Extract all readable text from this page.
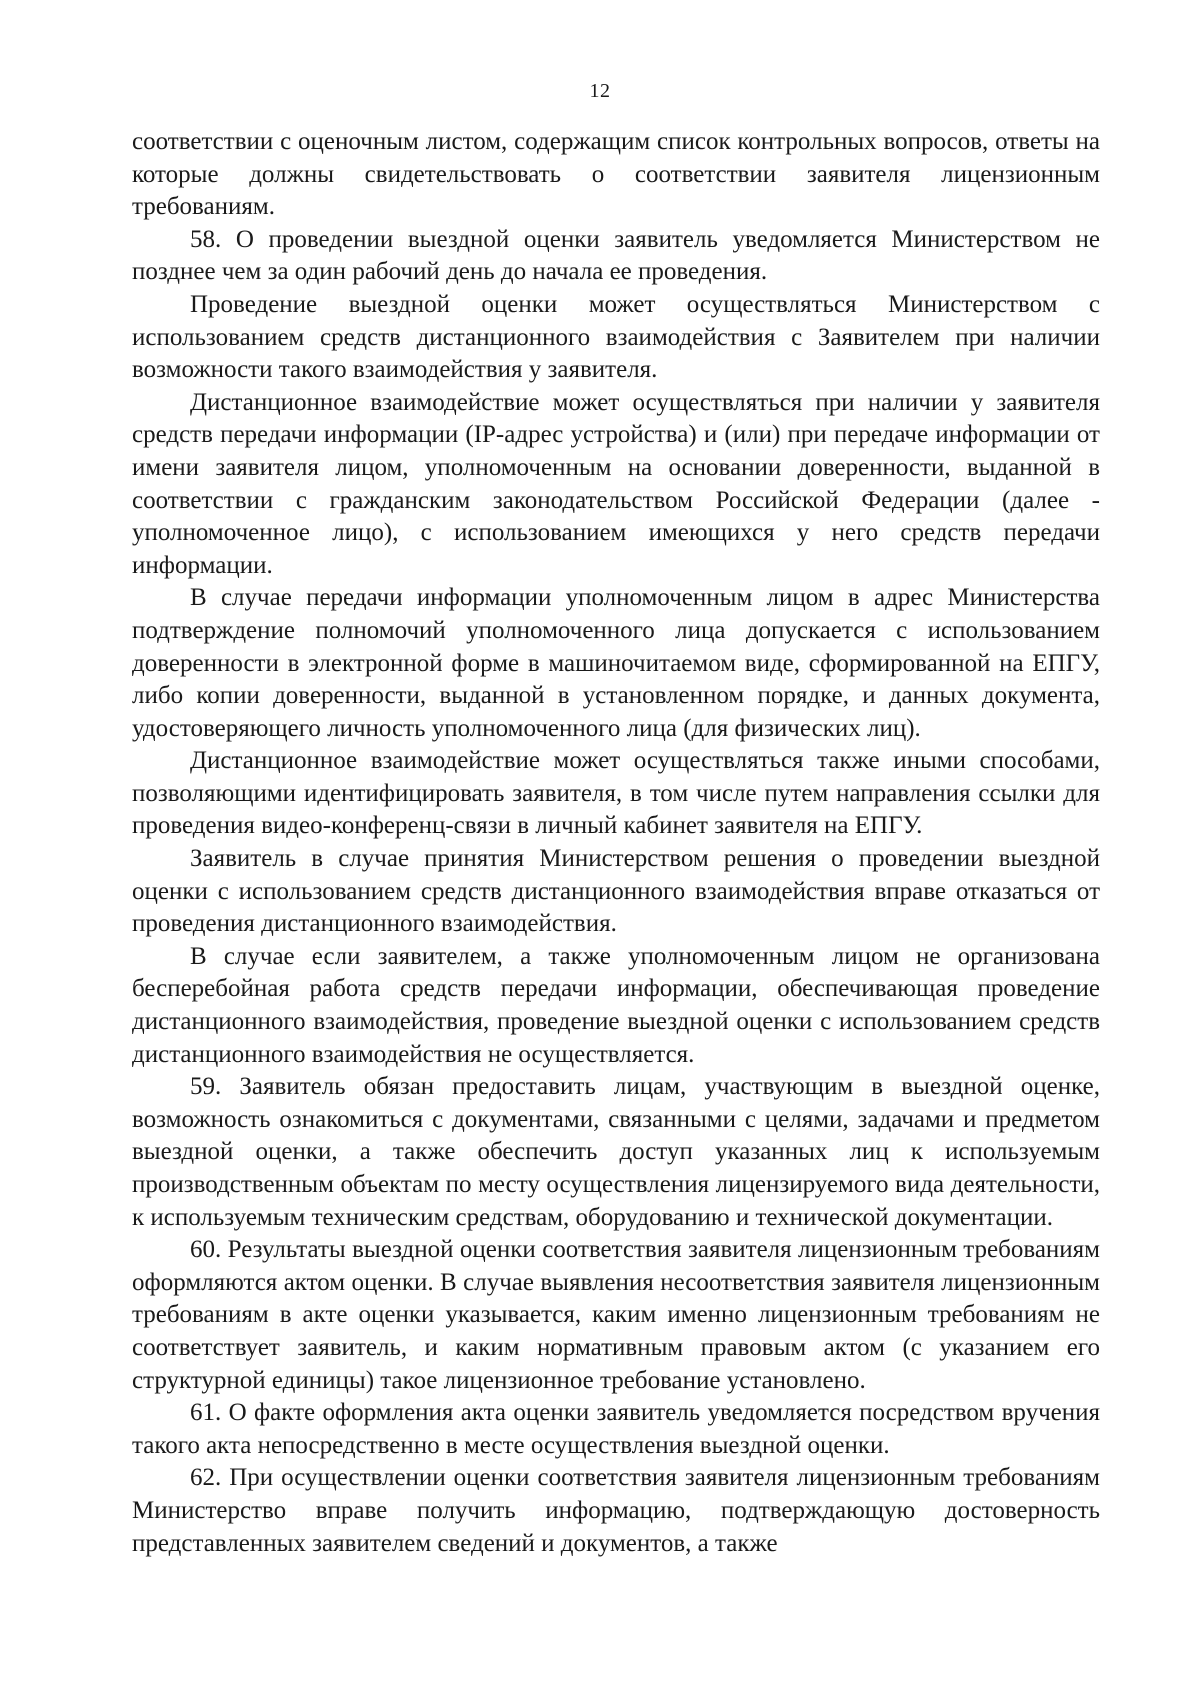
12

соответствии с оценочным листом, содержащим список контрольных вопросов, ответы на которые должны свидетельствовать о соответствии заявителя лицензионным требованиям.

58. О проведении выездной оценки заявитель уведомляется Министерством не позднее чем за один рабочий день до начала ее проведения.

Проведение выездной оценки может осуществляться Министерством с использованием средств дистанционного взаимодействия с Заявителем при наличии возможности такого взаимодействия у заявителя.

Дистанционное взаимодействие может осуществляться при наличии у заявителя средств передачи информации (IP-адрес устройства) и (или) при передаче информации от имени заявителя лицом, уполномоченным на основании доверенности, выданной в соответствии с гражданским законодательством Российской Федерации (далее - уполномоченное лицо), с использованием имеющихся у него средств передачи информации.

В случае передачи информации уполномоченным лицом в адрес Министерства подтверждение полномочий уполномоченного лица допускается с использованием доверенности в электронной форме в машиночитаемом виде, сформированной на ЕПГУ, либо копии доверенности, выданной в установленном порядке, и данных документа, удостоверяющего личность уполномоченного лица (для физических лиц).

Дистанционное взаимодействие может осуществляться также иными способами, позволяющими идентифицировать заявителя, в том числе путем направления ссылки для проведения видео-конференц-связи в личный кабинет заявителя на ЕПГУ.

Заявитель в случае принятия Министерством решения о проведении выездной оценки с использованием средств дистанционного взаимодействия вправе отказаться от проведения дистанционного взаимодействия.

В случае если заявителем, а также уполномоченным лицом не организована бесперебойная работа средств передачи информации, обеспечивающая проведение дистанционного взаимодействия, проведение выездной оценки с использованием средств дистанционного взаимодействия не осуществляется.

59. Заявитель обязан предоставить лицам, участвующим в выездной оценке, возможность ознакомиться с документами, связанными с целями, задачами и предметом выездной оценки, а также обеспечить доступ указанных лиц к используемым производственным объектам по месту осуществления лицензируемого вида деятельности, к используемым техническим средствам, оборудованию и технической документации.

60. Результаты выездной оценки соответствия заявителя лицензионным требованиям оформляются актом оценки. В случае выявления несоответствия заявителя лицензионным требованиям в акте оценки указывается, каким именно лицензионным требованиям не соответствует заявитель, и каким нормативным правовым актом (с указанием его структурной единицы) такое лицензионное требование установлено.

61. О факте оформления акта оценки заявитель уведомляется посредством вручения такого акта непосредственно в месте осуществления выездной оценки.

62. При осуществлении оценки соответствия заявителя лицензионным требованиям Министерство вправе получить информацию, подтверждающую достоверность представленных заявителем сведений и документов, а также
